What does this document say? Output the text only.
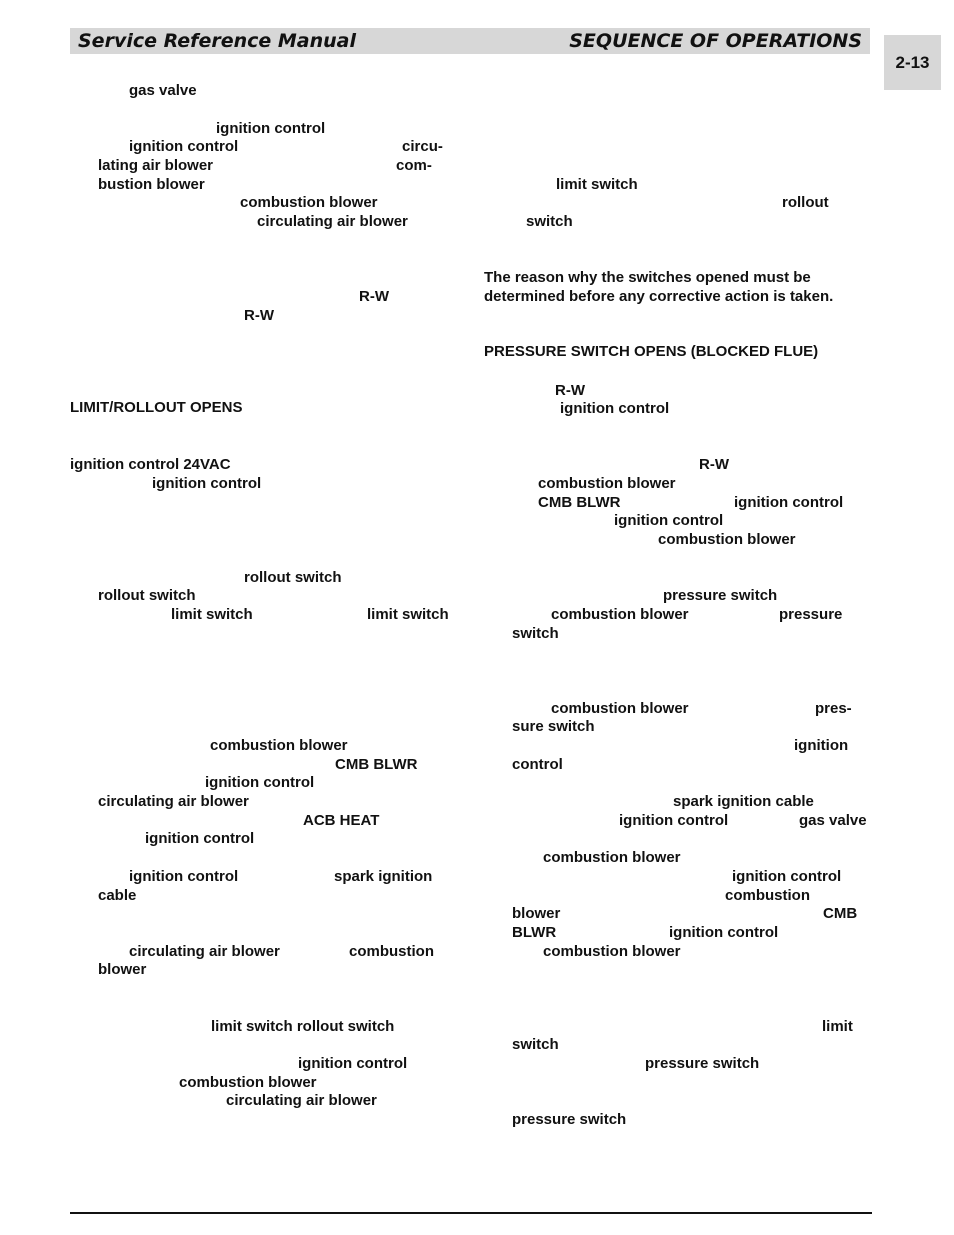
Service Reference Manual	SEQUENCE OF OPERATIONS
2-13
gas valve
ignition control
ignition control	circu-
lating air blower	com-
bustion blower
combustion blower
circulating air blower
R-W
R-W
LIMIT/ROLLOUT OPENS
ignition control 24VAC
ignition control
rollout switch
rollout switch
limit switch	limit switch
combustion blower
CMB BLWR
ignition control
circulating air blower
ACB HEAT
ignition control
ignition control	spark ignition
cable
circulating air blower	combustion
blower
limit switch rollout switch
ignition control
combustion blower
circulating air blower
limit switch
rollout
switch
The reason why the switches opened must be
determined before any corrective action is taken.
PRESSURE SWITCH OPENS (BLOCKED FLUE)
R-W
ignition control
R-W
combustion blower
CMB BLWR	ignition control
ignition control
combustion blower
pressure switch
combustion blower	pressure
switch
combustion blower	pres-
sure switch
ignition
control
spark ignition cable
ignition control	gas valve
combustion blower
ignition control
combustion
blower	CMB
BLWR	ignition control
combustion blower
limit
switch
pressure switch
pressure switch
